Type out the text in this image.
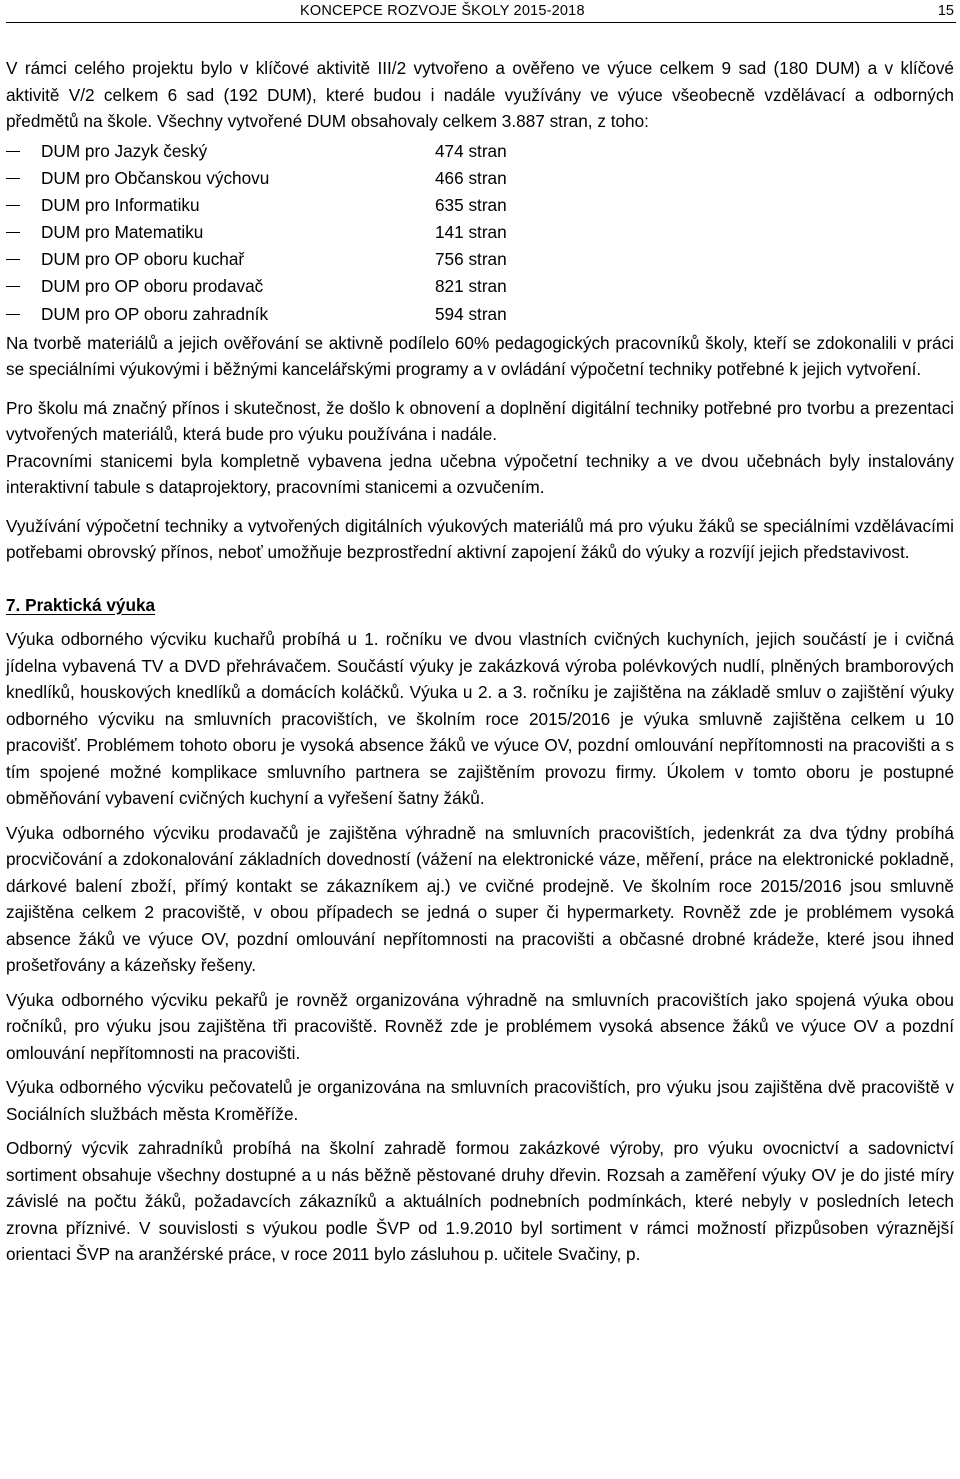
KONCEPCE ROZVOJE ŠKOLY 2015-2018	15

V rámci celého projektu bylo v klíčové aktivitě III/2 vytvořeno a ověřeno ve výuce celkem 9 sad (180 DUM) a v klíčové aktivitě V/2 celkem 6 sad (192 DUM), které budou i nadále využívány ve výuce všeobecně vzdělávací a odborných předmětů na škole. Všechny vytvořené DUM obsahovaly celkem 3.887 stran, z toho:

DUM pro Jazyk český	474 stran
DUM pro Občanskou výchovu	466 stran
DUM pro Informatiku	635 stran
DUM pro Matematiku	141 stran
DUM pro OP oboru kuchař	756 stran
DUM pro OP oboru prodavač	821 stran
DUM pro OP oboru zahradník	594 stran

Na tvorbě materiálů a jejich ověřování se aktivně podílelo 60% pedagogických pracovníků školy, kteří se zdokonalili v práci se speciálními výukovými i běžnými kancelářskými programy a v ovládání výpočetní techniky potřebné k jejich vytvoření.

Pro školu má značný přínos i skutečnost, že došlo k obnovení a doplnění digitální techniky potřebné pro tvorbu a prezentaci vytvořených materiálů, která bude pro výuku používána i nadále.

Pracovními stanicemi byla kompletně vybavena jedna učebna výpočetní techniky a ve dvou učebnách byly instalovány interaktivní tabule s dataprojektory, pracovními stanicemi a ozvučením.

Využívání výpočetní techniky a vytvořených digitálních výukových materiálů má pro výuku žáků se speciálními vzdělávacími potřebami obrovský přínos, neboť umožňuje bezprostřední aktivní zapojení žáků do výuky a rozvíjí jejich představivost.

7. Praktická výuka

Výuka odborného výcviku kuchařů probíhá u 1. ročníku ve dvou vlastních cvičných kuchyních, jejich součástí je i cvičná jídelna vybavená TV a DVD přehrávačem. Součástí výuky je zakázková výroba polévkových nudlí, plněných bramborových knedlíků, houskových knedlíků a domácích koláčků. Výuka u 2. a 3. ročníku je zajištěna na základě smluv o zajištění výuky odborného výcviku na smluvních pracovištích, ve školním roce 2015/2016 je výuka smluvně zajištěna celkem u 10 pracovišť. Problémem tohoto oboru je vysoká absence žáků ve výuce OV, pozdní omlouvání nepřítomnosti na pracovišti a s tím spojené možné komplikace smluvního partnera se zajištěním provozu firmy. Úkolem v tomto oboru je postupné obměňování vybavení cvičných kuchyní a vyřešení šatny žáků.

Výuka odborného výcviku prodavačů je zajištěna výhradně na smluvních pracovištích, jedenkrát za dva týdny probíhá procvičování a zdokonalování základních dovedností (vážení na elektronické váze, měření, práce na elektronické pokladně, dárkové balení zboží, přímý kontakt se zákazníkem aj.) ve cvičné prodejně. Ve školním roce 2015/2016 jsou smluvně zajištěna celkem 2 pracoviště, v obou případech se jedná o super či hypermarkety. Rovněž zde je problémem vysoká absence žáků ve výuce OV, pozdní omlouvání nepřítomnosti na pracovišti a občasné drobné krádeže, které jsou ihned prošetřovány a kázeňsky řešeny.

Výuka odborného výcviku pekařů je rovněž organizována výhradně na smluvních pracovištích jako spojená výuka obou ročníků, pro výuku jsou zajištěna tři pracoviště. Rovněž zde je problémem vysoká absence žáků ve výuce OV a pozdní omlouvání nepřítomnosti na pracovišti.

Výuka odborného výcviku pečovatelů je organizována na smluvních pracovištích, pro výuku jsou zajištěna dvě pracoviště v Sociálních službách města Kroměříže.

Odborný výcvik zahradníků probíhá na školní zahradě formou zakázkové výroby, pro výuku ovocnictví a sadovnictví sortiment obsahuje všechny dostupné a u nás běžně pěstované druhy dřevin. Rozsah a zaměření výuky OV je do jisté míry závislé na počtu žáků, požadavcích zákazníků a aktuálních podnebních podmínkách, které nebyly v posledních letech zrovna příznivé. V souvislosti s výukou podle ŠVP od 1.9.2010 byl sortiment v rámci možností přizpůsoben výraznější orientaci ŠVP na aranžérské práce, v roce 2011 bylo zásluhou p. učitele Svačiny, p.
